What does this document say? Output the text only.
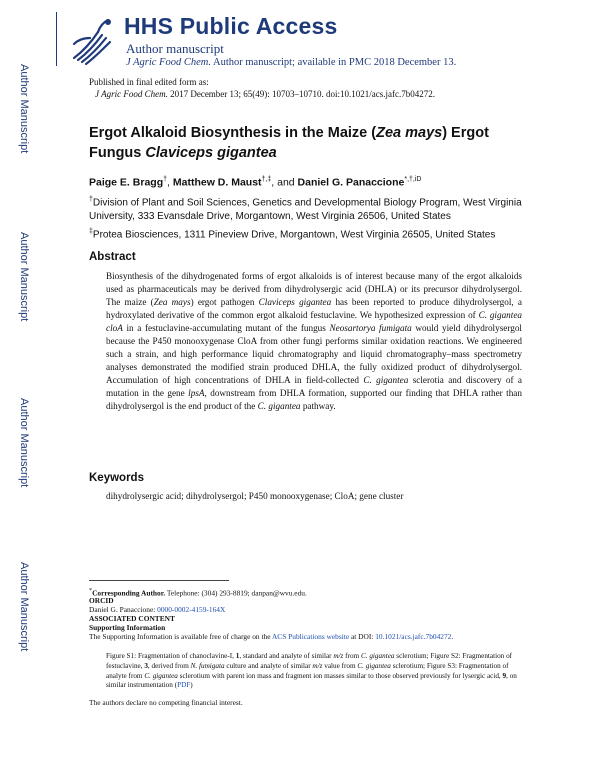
Author Manuscript
Author Manuscript
Author Manuscript
Author Manuscript
HHS Public Access
Author manuscript
J Agric Food Chem. Author manuscript; available in PMC 2018 December 13.
Published in final edited form as:
J Agric Food Chem. 2017 December 13; 65(49): 10703–10710. doi:10.1021/acs.jafc.7b04272.
Ergot Alkaloid Biosynthesis in the Maize (Zea mays) Ergot
Fungus Claviceps gigantea
Paige E. Bragg†, Matthew D. Maust†,‡, and Daniel G. Panaccione$^{*,\dagger,iD}$
†Division of Plant and Soil Sciences, Genetics and Developmental Biology Program, West Virginia University, 333 Evansdale Drive, Morgantown, West Virginia 26506, United States
‡Protea Biosciences, 1311 Pineview Drive, Morgantown, West Virginia 26505, United States
Abstract
Biosynthesis of the dihydrogenated forms of ergot alkaloids is of interest because many of the ergot alkaloids used as pharmaceuticals may be derived from dihydrolysergic acid (DHLA) or its precursor dihydrolysergol. The maize (Zea mays) ergot pathogen Claviceps gigantea has been reported to produce dihydrolysergol, a hydroxylated derivative of the common ergot alkaloid festuclavine. We hypothesized expression of C. gigantea cloA in a festuclavine-accumulating mutant of the fungus Neosartorya fumigata would yield dihydrolysergol because the P450 monooxygenase CloA from other fungi performs similar oxidation reactions. We engineered such a strain, and high performance liquid chromatography and liquid chromatography–mass spectrometry analyses demonstrated the modified strain produced DHLA, the fully oxidized product of dihydrolysergol. Accumulation of high concentrations of DHLA in field-collected C. gigantea sclerotia and discovery of a mutation in the gene lpsA, downstream from DHLA formation, supported our finding that DHLA rather than dihydrolysergol is the end product of the C. gigantea pathway.
Keywords
dihydrolysergic acid; dihydrolysergol; P450 monooxygenase; CloA; gene cluster
*Corresponding Author. Telephone: (304) 293-8819; danpan@wvu.edu.
ORCID
Daniel G. Panaccione: 0000-0002-4159-164X
ASSOCIATED CONTENT
Supporting Information
The Supporting Information is available free of charge on the ACS Publications website at DOI: 10.1021/acs.jafc.7b04272.
Figure S1: Fragmentation of chanoclavine-I, 1, standard and analyte of similar m/z from C. gigantea sclerotium; Figure S2: Fragmentation of festuclavine, 3, derived from N. fumigata culture and analyte of similar m/z value from C. gigantea sclerotium; Figure S3: Fragmentation of analyte from C. gigantea sclerotium with parent ion mass and fragment ion masses similar to those observed previously for lysergic acid, 9, on similar instrumentation (PDF)
The authors declare no competing financial interest.
